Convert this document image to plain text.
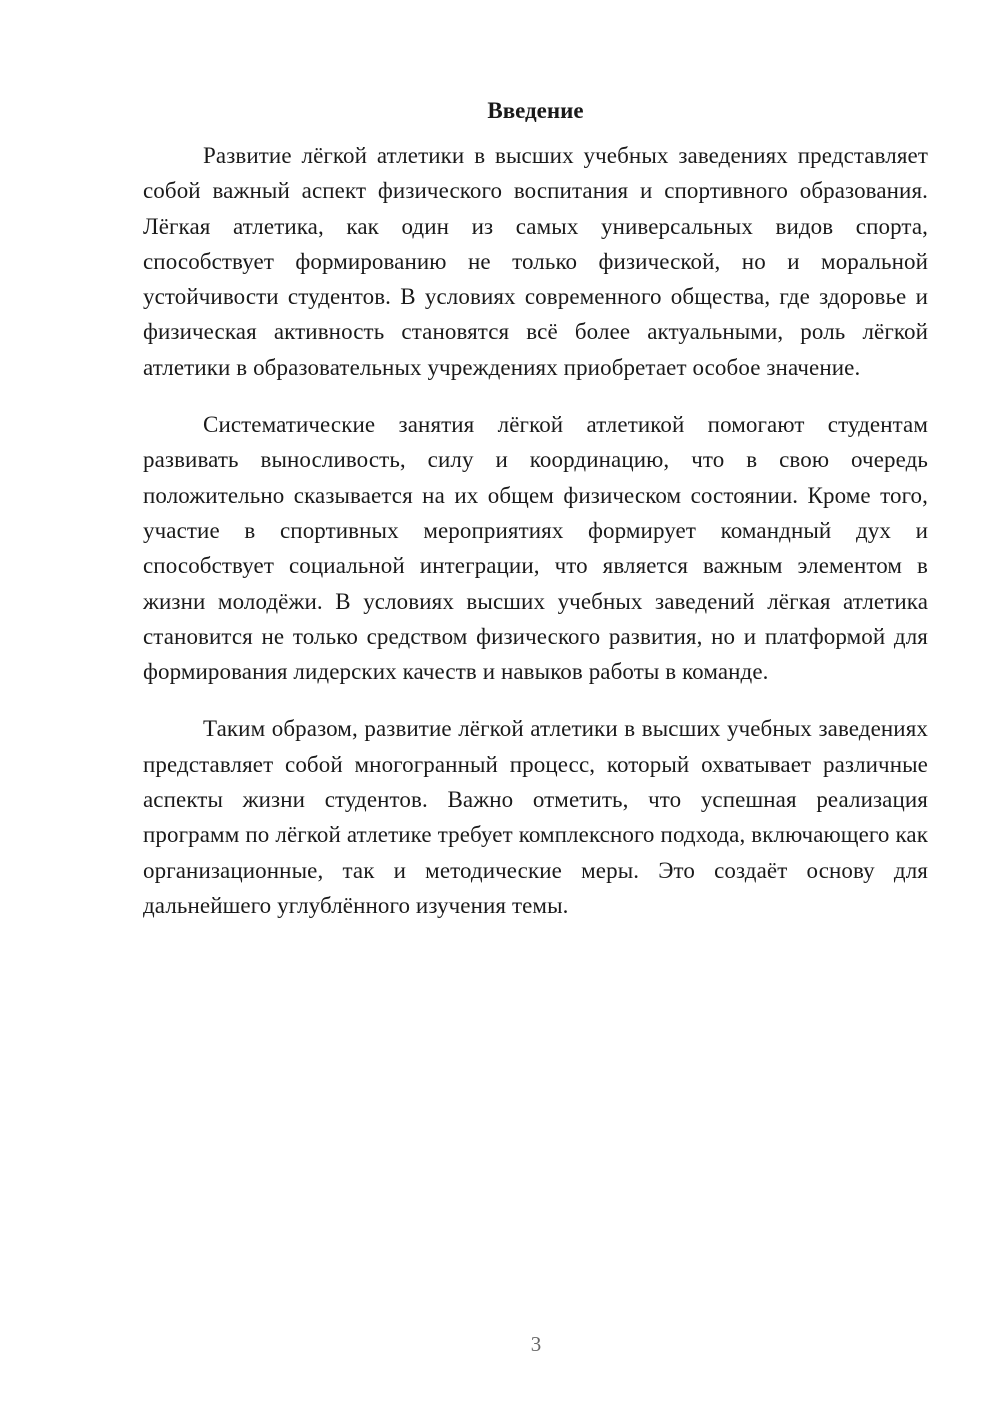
Введение

Развитие лёгкой атлетики в высших учебных заведениях представляет собой важный аспект физического воспитания и спортивного образования. Лёгкая атлетика, как один из самых универсальных видов спорта, способствует формированию не только физической, но и моральной устойчивости студентов. В условиях современного общества, где здоровье и физическая активность становятся всё более актуальными, роль лёгкой атлетики в образовательных учреждениях приобретает особое значение.

Систематические занятия лёгкой атлетикой помогают студентам развивать выносливость, силу и координацию, что в свою очередь положительно сказывается на их общем физическом состоянии. Кроме того, участие в спортивных мероприятиях формирует командный дух и способствует социальной интеграции, что является важным элементом в жизни молодёжи. В условиях высших учебных заведений лёгкая атлетика становится не только средством физического развития, но и платформой для формирования лидерских качеств и навыков работы в команде.

Таким образом, развитие лёгкой атлетики в высших учебных заведениях представляет собой многогранный процесс, который охватывает различные аспекты жизни студентов. Важно отметить, что успешная реализация программ по лёгкой атлетике требует комплексного подхода, включающего как организационные, так и методические меры. Это создаёт основу для дальнейшего углублённого изучения темы.

3
